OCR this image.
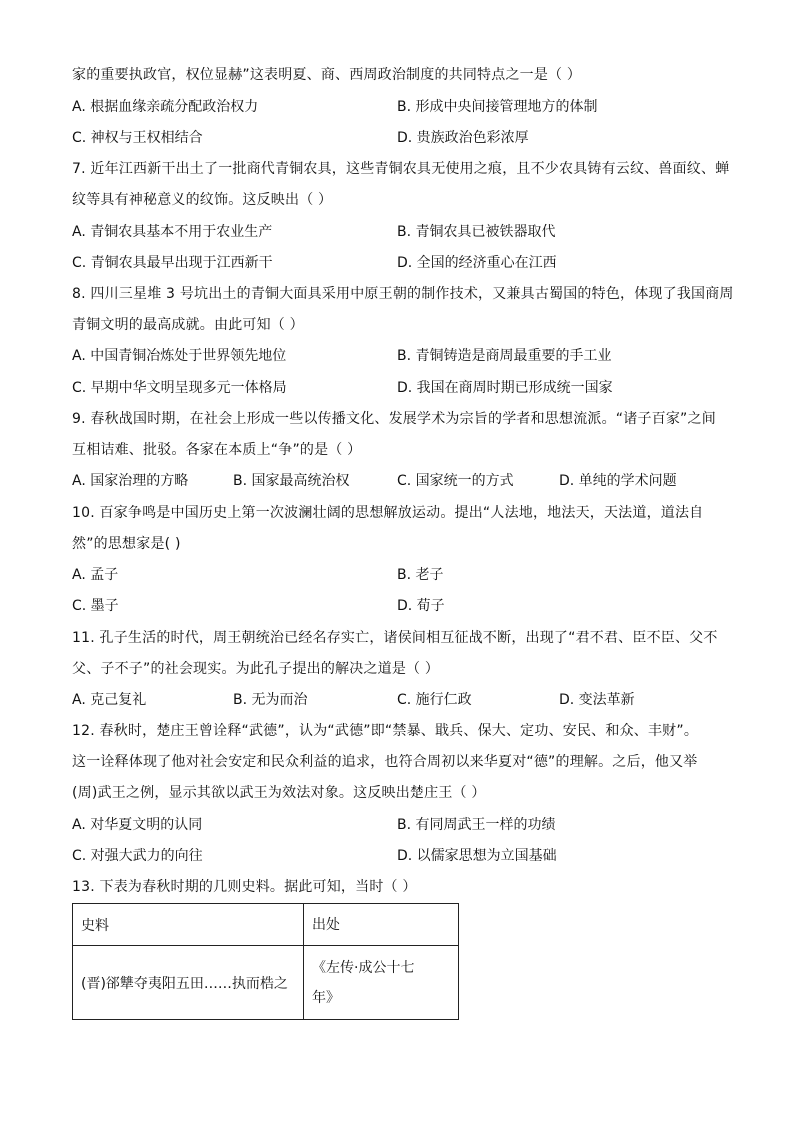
家的重要执政官，权位显赫”这表明夏、商、西周政治制度的共同特点之一是（ ）
A. 根据血缘亲疏分配政治权力	B. 形成中央间接管理地方的体制
C. 神权与王权相结合	D. 贵族政治色彩浓厚
7. 近年江西新干出土了一批商代青铜农具，这些青铜农具无使用之痕，且不少农具铸有云纹、兽面纹、蝉
纹等具有神秘意义的纹饰。这反映出（ ）
A. 青铜农具基本不用于农业生产	B. 青铜农具已被铁器取代
C. 青铜农具最早出现于江西新干	D. 全国的经济重心在江西
8. 四川三星堆 3 号坑出土的青铜大面具采用中原王朝的制作技术，又兼具古蜀国的特色，体现了我国商周
青铜文明的最高成就。由此可知（ ）
A. 中国青铜冶炼处于世界领先地位	B. 青铜铸造是商周最重要的手工业
C. 早期中华文明呈现多元一体格局	D. 我国在商周时期已形成统一国家
9. 春秋战国时期，在社会上形成一些以传播文化、发展学术为宗旨的学者和思想流派。“诸子百家”之间
互相诘难、批驳。各家在本质上“争”的是（ ）
A. 国家治理的方略	B. 国家最高统治权	C. 国家统一的方式	D. 单纯的学术问题
10. 百家争鸣是中国历史上第一次波澜壮阔的思想解放运动。提出“人法地，地法天，天法道，道法自
然”的思想家是( )
A. 孟子	B. 老子
C. 墨子	D. 荀子
11. 孔子生活的时代，周王朝统治已经名存实亡，诸侯间相互征战不断，出现了“君不君、臣不臣、父不
父、子不子”的社会现实。为此孔子提出的解决之道是（ ）
A. 克己复礼	B. 无为而治	C. 施行仁政	D. 变法革新
12. 春秋时，楚庄王曾诠释“武德”，认为“武德”即“禁暴、戢兵、保大、定功、安民、和众、丰财”。
这一诠释体现了他对社会安定和民众利益的追求，也符合周初以来华夏对“德”的理解。之后，他又举
(周)武王之例，显示其欲以武王为效法对象。这反映出楚庄王（ ）
A. 对华夏文明的认同	B. 有同周武王一样的功绩
C. 对强大武力的向往	D. 以儒家思想为立国基础
13. 下表为春秋时期的几则史料。据此可知，当时（ ）
史料	出处
(晋)郤犨夺夷阳五田……执而梏之	《左传·成公十七
年》
